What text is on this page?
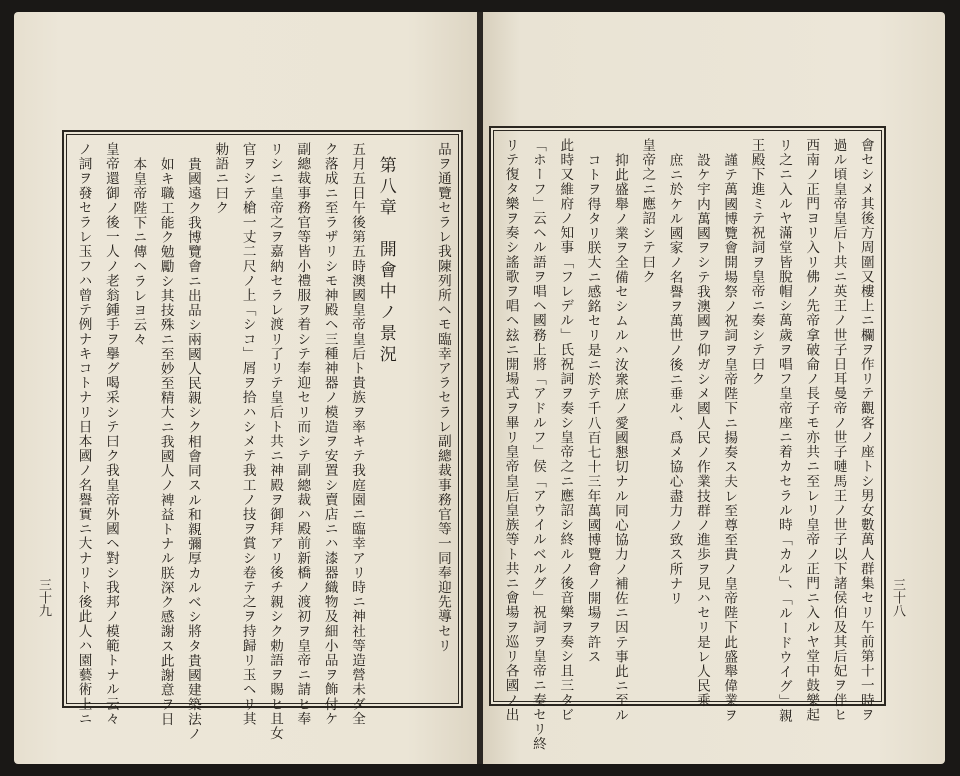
品ヲ通覽セラレ我陳列所ヘモ臨幸アラセラレ副總裁事務官等一同奉迎先導セリ
第八章　開會中ノ景況
五月五日午後第五時澳國皇帝皇后ト貴族ヲ率キテ我庭園ニ臨幸アリ時ニ神社等造營未ダ全
ク落成ニ至ラザリシモ神殿ヘ三種神器ノ模造ヲ安置シ賣店ニハ漆器織物及細小品ヲ飾付ケ
副總裁事務官等皆小禮服ヲ着シテ奉迎セリ而シテ副總裁ハ殿前新橋ノ渡初ヲ皇帝ニ請ヒ奉
リシニ皇帝之ヲ嘉納セラレ渡リ了リテ皇后ト共ニ神殿ヲ御拜アリ後チ親シク勅語ヲ賜ヒ且女
官ヲシテ槍一丈二尺ノ上「シコ」屑ヲ拾ハシメテ我工ノ技ヲ賞シ卷テ之ヲ持歸リ玉ヘリ其
勅語ニ曰ク
貴國遠ク我博覽會ニ出品シ兩國人民親シク相會同スル和親彌厚カルベシ將タ貴國建築法ノ
如キ職工能ク勉勵シ其技殊ニ至妙至精大ニ我國人ノ裨益トナル朕深ク感謝ス此謝意ヲ日
本皇帝陛下ニ傳ヘラレヨ云々
皇帝還御ノ後一人ノ老翁鍾手ヲ擧グ喝采シテ曰ク我皇帝外國ヘ對シ我邦ノ模範トナル云々
ノ詞ヲ發セラレ玉フハ曾テ例ナキコトナリ日本國ノ名譽實ニ大ナリト後此人ハ園藝術上ニ
三十九	會セシメ其後方周圍又樓上ニ欄ヲ作リテ觀客ノ座トシ男女數萬人群集セリ午前第十一時ヲ
過ル頃皇帝皇后ト共ニ英王ノ世子日耳曼帝ノ世子嗹馬王ノ世子以下諸侯伯及其后妃ヲ伴ヒ
西南ノ正門ヨリ入リ佛ノ先帝拿破侖ノ長子モ亦共ニ至レリ皇帝ノ正門ニ入ルヤ堂中鼓樂起
リ之ニ入ルヤ滿堂皆脫帽シ萬歲ヲ唱フ皇帝座ニ着カセラル時「カル」、「ルードウイグ」親
王殿下進ミテ祝詞ヲ皇帝ニ奏シテ曰ク
謹テ萬國博覽會開場祭ノ祝詞ヲ皇帝陛下ニ揚奏ス夫レ至尊至貴ノ皇帝陛下此盛舉偉業ヲ
設ケ宇内萬國ヲシテ我澳國ヲ仰ガシメ國人民ノ作業技群ノ進歩ヲ見ハセリ是レ人民乘
庶ニ於ケル國家ノ名譽ヲ萬世ノ後ニ垂ル、爲メ協心盡力ノ致ス所ナリ
皇帝之ニ應詔シテ曰ク
抑此盛舉ノ業ヲ全備セシムルハ汝衆庶ノ愛國懇切ナル同心協力ノ補佐ニ因テ事此ニ至ル
コトヲ得タリ朕大ニ感銘セリ是ニ於テ千八百七十三年萬國博覽會ノ開場ヲ許ス
此時又維府ノ知事「フレデル」氏祝詞ヲ奏シ皇帝之ニ應詔シ終ルノ後音樂ヲ奏シ且三タビ
「ホーフ」云ヘル語ヲ唱ヘ國務上將「アドルフ」侯「アウイルベルグ」祝詞ヲ皇帝ニ奏セリ終
リテ復タ樂ヲ奏シ謠歌ヲ唱ヘ玆ニ開場式ヲ畢リ皇帝皇后皇族等ト共ニ會場ヲ巡リ各國ノ出	三十八
